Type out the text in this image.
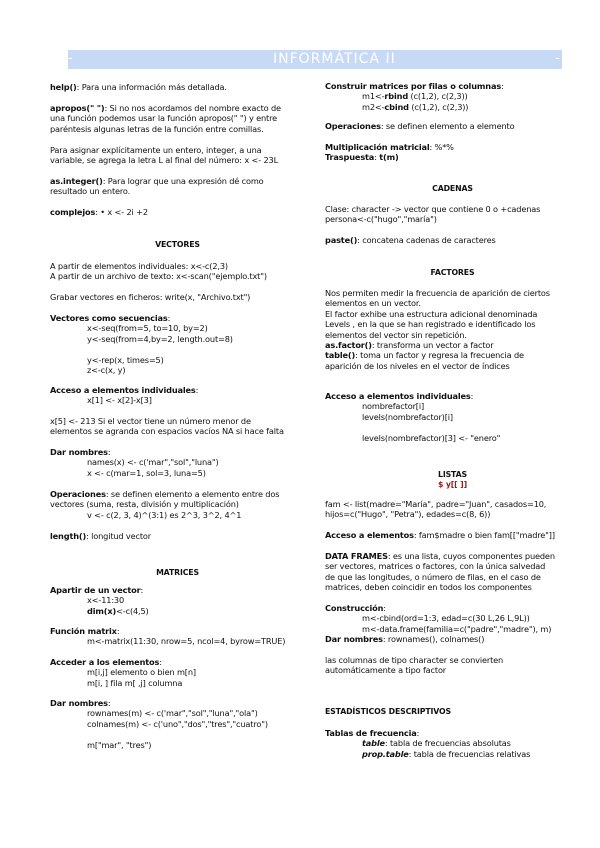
-	INFORMÁTICA II	-
help(): Para una información más detallada.
apropos(" "): Si no nos acordamos del nombre exacto de
una función podemos usar la función apropos(" ") y entre
paréntesis algunas letras de la función entre comillas.
Para asignar explícitamente un entero, integer, a una
variable, se agrega la letra L al final del número: x <- 23L
as.integer(): Para lograr que una expresión dé como
resultado un entero.
complejos: • x <- 2i +2
VECTORES
A partir de elementos individuales: x<-c(2,3)
A partir de un archivo de texto: x<-scan("ejemplo.txt")
Grabar vectores en ficheros: write(x, "Archivo.txt")
Vectores como secuencias:
x<-seq(from=5, to=10, by=2)
y<-seq(from=4,by=2, length.out=8)
y<-rep(x, times=5)
z<-c(x, y)
Acceso a elementos individuales:
x[1] <- x[2]-x[3]
x[5] <- 213 Si el vector tiene un número menor de
elementos se agranda con espacios vacíos NA si hace falta
Dar nombres:
names(x) <- c('mar","sol","luna")
x <- c(mar=1, sol=3, luna=5)
Operaciones: se definen elemento a elemento entre dos
vectores (suma, resta, división y multiplicación)
v <- c(2, 3, 4)^(3:1) es 2^3, 3^2, 4^1
length(): longitud vector
MATRICES
Apartir de un vector:
x<-11:30
dim(x)<-c(4,5)
Función matrix:
m<-matrix(11:30, nrow=5, ncol=4, byrow=TRUE)
Acceder a los elementos:
m[i,j] elemento o bien m[n]
m[i, ] fila m[ ,j] columna
Dar nombres:
rownames(m) <- c('mar","sol","luna","ola")
colnames(m) <- c('uno","dos","tres","cuatro")
m["mar", "tres")
Construir matrices por filas o columnas:
m1<-rbind (c(1,2), c(2,3))
m2<-cbind (c(1,2), c(2,3))
Operaciones: se definen elemento a elemento
Multiplicación matricial: %*%
Traspuesta: t(m)
CADENAS
Clase: character -> vector que contiene 0 o +cadenas
persona<-c("hugo","maría")
paste(): concatena cadenas de caracteres
FACTORES
Nos permiten medir la frecuencia de aparición de ciertos
elementos en un vector.
El factor exhibe una estructura adicional denominada
Levels , en la que se han registrado e identificado los
elementos del vector sin repetición.
as.factor(): transforma un vector a factor
table(): toma un factor y regresa la frecuencia de
aparición de los niveles en el vector de índices
Acceso a elementos individuales:
nombrefactor[i]
levels(nombrefactor)[i]
levels(nombrefactor)[3] <- "enero"
LISTAS
$ y[[ ]]
fam <- list(madre="María", padre="Juan", casados=10,
hijos=c("Hugo", "Petra"), edades=c(8, 6))
Acceso a elementos: fam$madre o bien fam[["madre"]]
DATA FRAMES: es una lista, cuyos componentes pueden
ser vectores, matrices o factores, con la única salvedad
de que las longitudes, o número de filas, en el caso de
matrices, deben coincidir en todos los componentes
Construcción:
m<-cbind(ord=1:3, edad=c(30 L,26 L,9L))
m<-data.frame(familia=c("padre","madre"), m)
Dar nombres: rownames(), colnames()
las columnas de tipo character se convierten
automáticamente a tipo factor
ESTADÍSTICOS DESCRIPTIVOS
Tablas de frecuencia:
table: tabla de frecuencias absolutas
prop.table: tabla de frecuencias relativas
